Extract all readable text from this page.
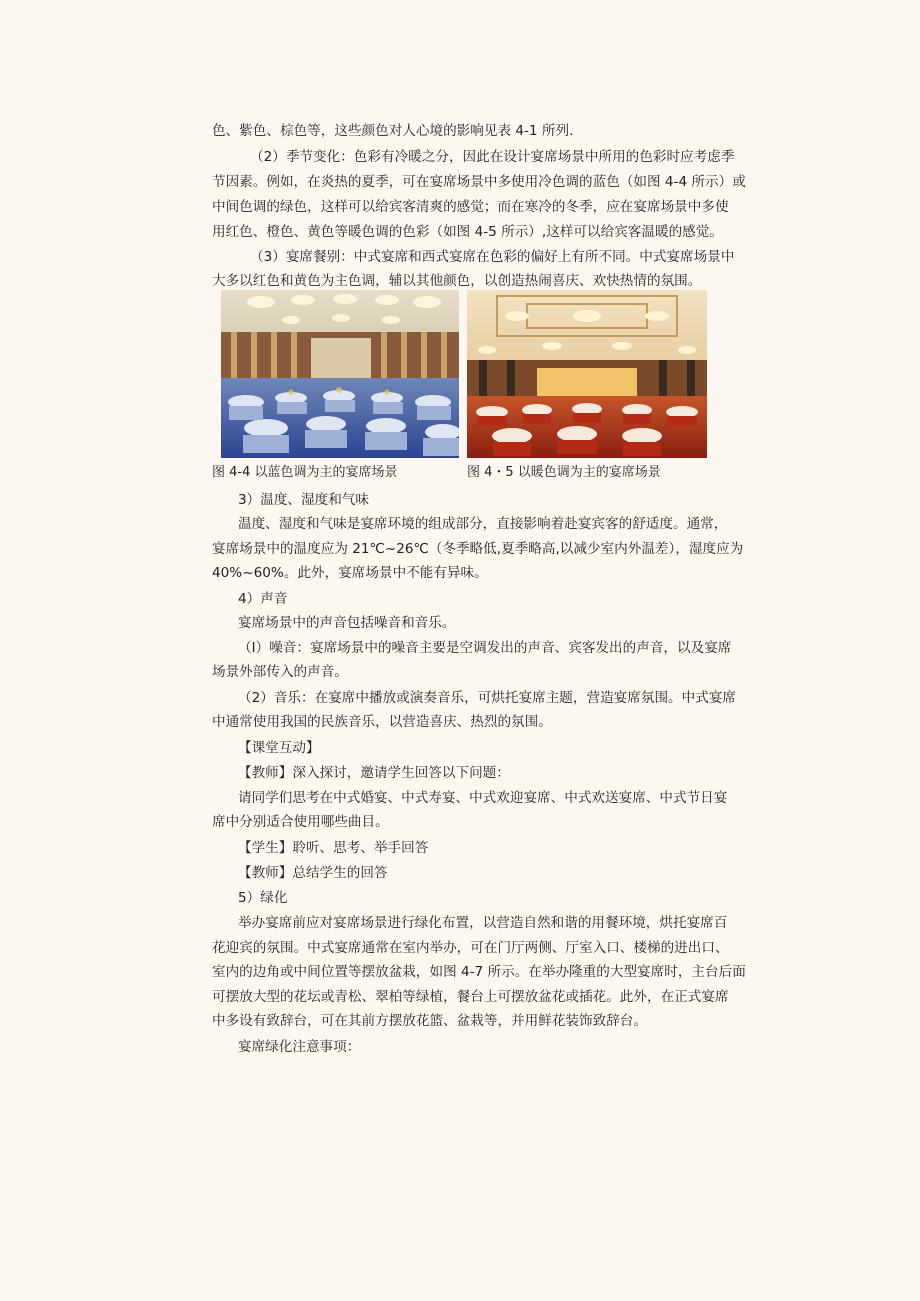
色、紫色、棕色等，这些颜色对人心境的影响见表 4-1 所列.
（2）季节变化：色彩有冷暖之分，因此在设计宴席场景中所用的色彩时应考虑季
节因素。例如，在炎热的夏季，可在宴席场景中多使用冷色调的蓝色（如图 4-4 所示）或
中间色调的绿色，这样可以给宾客清爽的感觉；而在寒冷的冬季，应在宴席场景中多使
用红色、橙色、黄色等暖色调的色彩（如图 4-5 所示）,这样可以给宾客温暖的感觉。
（3）宴席餐别：中式宴席和西式宴席在色彩的偏好上有所不同。中式宴席场景中
大多以红色和黄色为主色调，辅以其他颜色，以创造热闹喜庆、欢快热情的氛围。
图 4-4 以蓝色调为主的宴席场景	图 4・5 以暖色调为主的宴席场景
3）温度、湿度和气味
温度、湿度和气味是宴席环境的组成部分，直接影响着赴宴宾客的舒适度。通常，
宴席场景中的温度应为 21℃~26℃（冬季略低,夏季略高,以减少室内外温差），湿度应为
40%~60%。此外，宴席场景中不能有异味。
4）声音
宴席场景中的声音包括噪音和音乐。
（I）噪音：宴席场景中的噪音主要是空调发出的声音、宾客发出的声音，以及宴席
场景外部传入的声音。
（2）音乐：在宴席中播放或演奏音乐，可烘托宴席主题，营造宴席氛围。中式宴席
中通常使用我国的民族音乐，以营造喜庆、热烈的氛围。
【课堂互动】
【教师】深入探讨，邀请学生回答以下问题：
请同学们思考在中式婚宴、中式寿宴、中式欢迎宴席、中式欢送宴席、中式节日宴
席中分别适合使用哪些曲目。
【学生】聆听、思考、举手回答
【教师】总结学生的回答
5）绿化
举办宴席前应对宴席场景进行绿化布置，以营造自然和谐的用餐环境，烘托宴席百
花迎宾的氛围。中式宴席通常在室内举办，可在门厅两侧、厅室入口、楼梯的进出口、
室内的边角或中间位置等摆放盆栽，如图 4-7 所示。在举办隆重的大型宴席时，主台后面
可摆放大型的花坛或青松、翠柏等绿植，餐台上可摆放盆花或插花。此外，在正式宴席
中多设有致辞台，可在其前方摆放花篮、盆栽等，并用鲜花装饰致辞台。
宴席绿化注意事项：
